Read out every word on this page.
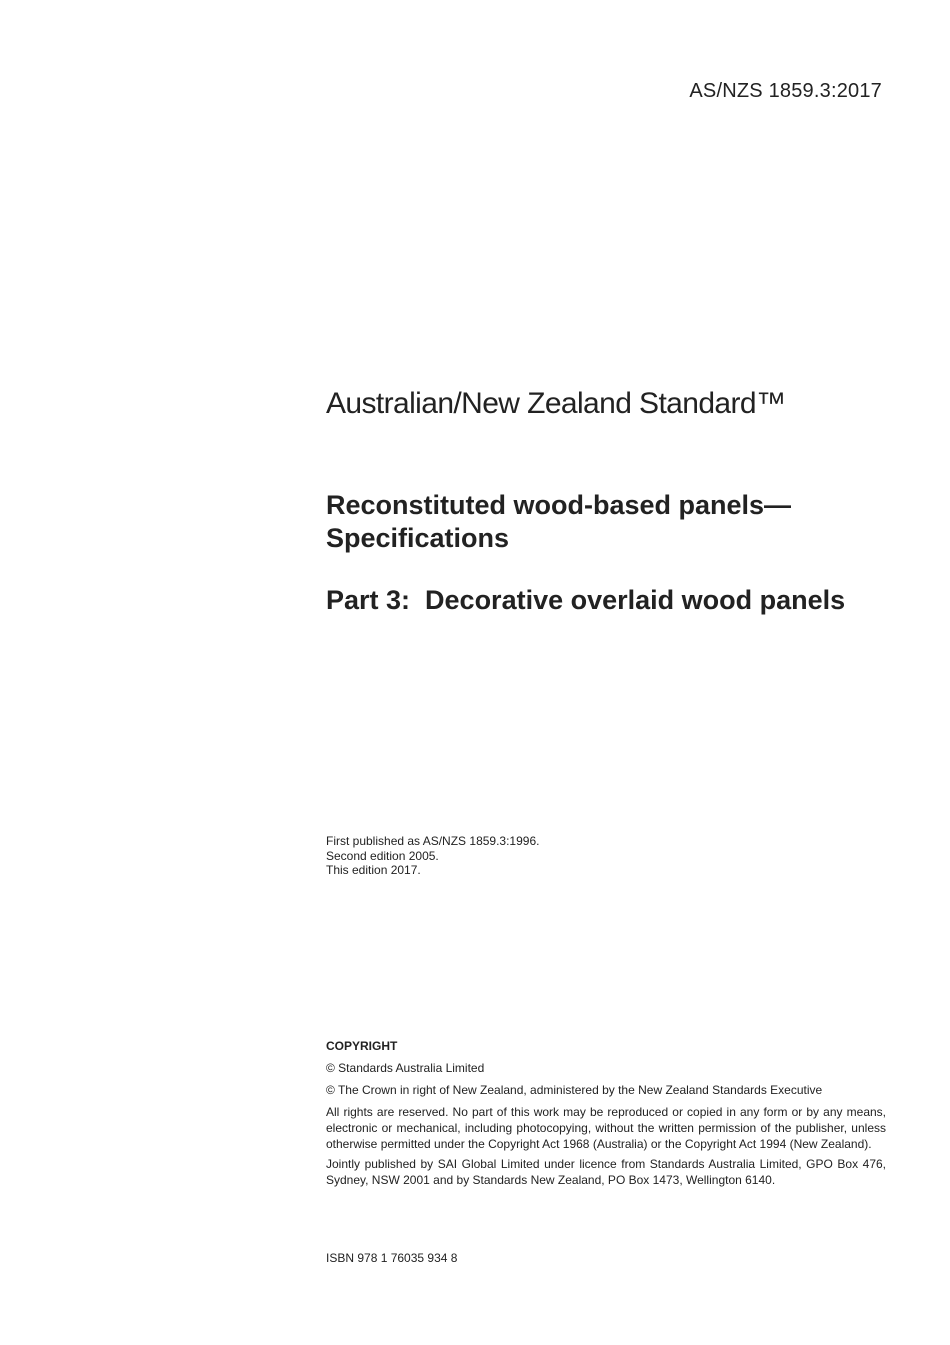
AS/NZS 1859.3:2017
Australian/New Zealand Standard™
Reconstituted wood-based panels—
Specifications
Part 3:  Decorative overlaid wood panels
First published as AS/NZS 1859.3:1996.
Second edition 2005.
This edition 2017.
COPYRIGHT
© Standards Australia Limited
© The Crown in right of New Zealand, administered by the New Zealand Standards Executive
All rights are reserved. No part of this work may be reproduced or copied in any form or by any means, electronic or mechanical, including photocopying, without the written permission of the publisher, unless otherwise permitted under the Copyright Act 1968 (Australia) or the Copyright Act 1994 (New Zealand).
Jointly published by SAI Global Limited under licence from Standards Australia Limited, GPO Box 476, Sydney, NSW 2001 and by Standards New Zealand, PO Box 1473, Wellington 6140.
ISBN 978 1 76035 934 8
